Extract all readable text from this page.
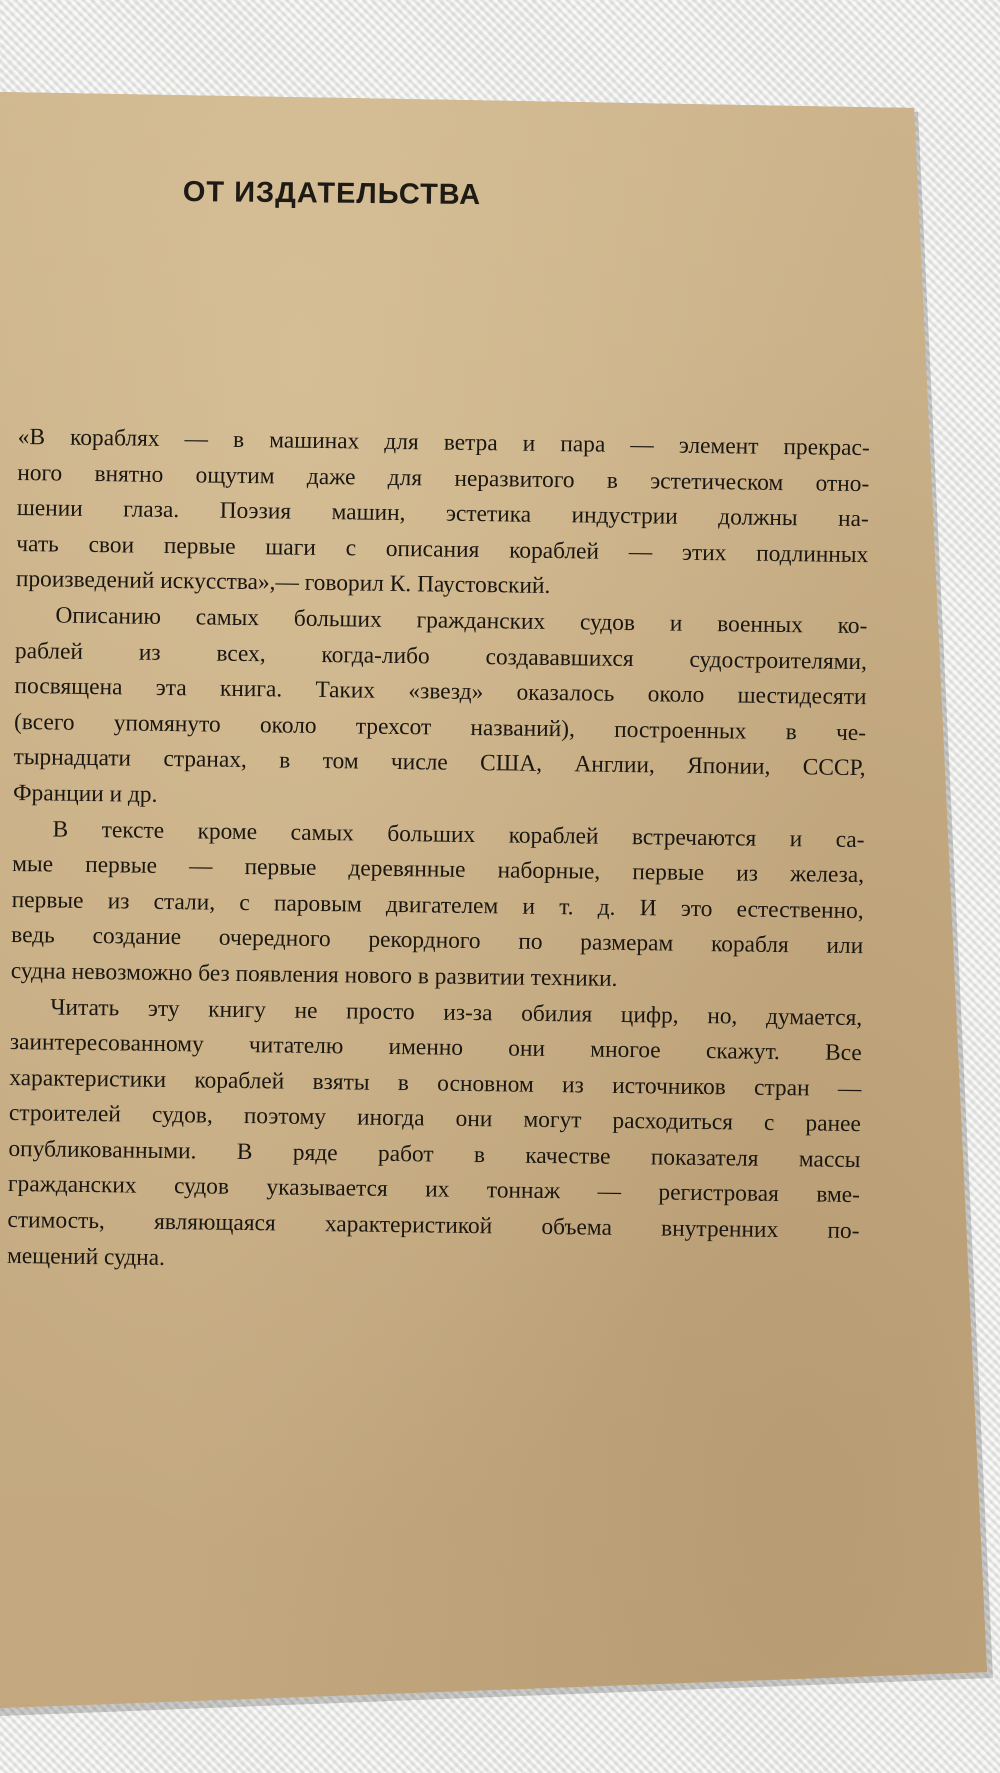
ОТ ИЗДАТЕЛЬСТВА
«В кораблях — в машинах для ветра и пара — элемент прекрас-
ного внятно ощутим даже для неразвитого в эстетическом отно-
шении глаза. Поэзия машин, эстетика индустрии должны на-
чать свои первые шаги с описания кораблей — этих подлинных
произведений искусства»,— говорил К. Паустовский.
Описанию самых больших гражданских судов и военных ко-
раблей из всех, когда-либо создававшихся судостроителями,
посвящена эта книга. Таких «звезд» оказалось около шестидесяти
(всего упомянуто около трехсот названий), построенных в че-
тырнадцати странах, в том числе США, Англии, Японии, СССР,
Франции и др.
В тексте кроме самых больших кораблей встречаются и са-
мые первые — первые деревянные наборные, первые из железа,
первые из стали, с паровым двигателем и т. д. И это естественно,
ведь создание очередного рекордного по размерам корабля или
судна невозможно без появления нового в развитии техники.
Читать эту книгу не просто из-за обилия цифр, но, думается,
заинтересованному читателю именно они многое скажут. Все
характеристики кораблей взяты в основном из источников стран —
строителей судов, поэтому иногда они могут расходиться с ранее
опубликованными. В ряде работ в качестве показателя массы
гражданских судов указывается их тоннаж — регистровая вме-
стимость, являющаяся характеристикой объема внутренних по-
мещений судна.
